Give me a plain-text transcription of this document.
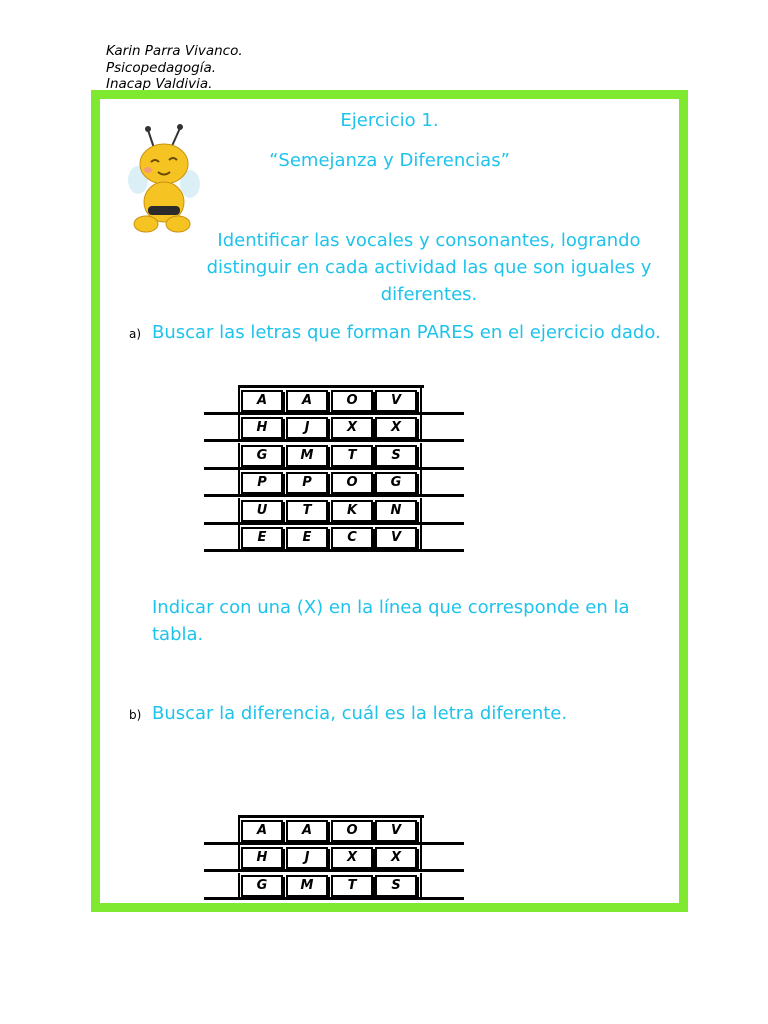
Karin Parra Vivanco.
Psicopedagogía.
Inacap Valdivia.
Ejercicio 1.
“Semejanza y Diferencias”
Identificar las vocales y consonantes, logrando distinguir en cada actividad las que son iguales y diferentes.
a) Buscar las letras que forman PARES en el ejercicio dado.
A	A	O	V
H	J	X	X
G	M	T	S
P	P	O	G
U	T	K	N
E	E	C	V
Indicar con una (X) en la línea que corresponde en la tabla.
b) Buscar la diferencia, cuál es la letra diferente.
A	A	O	V
H	J	X	X
G	M	T	S
